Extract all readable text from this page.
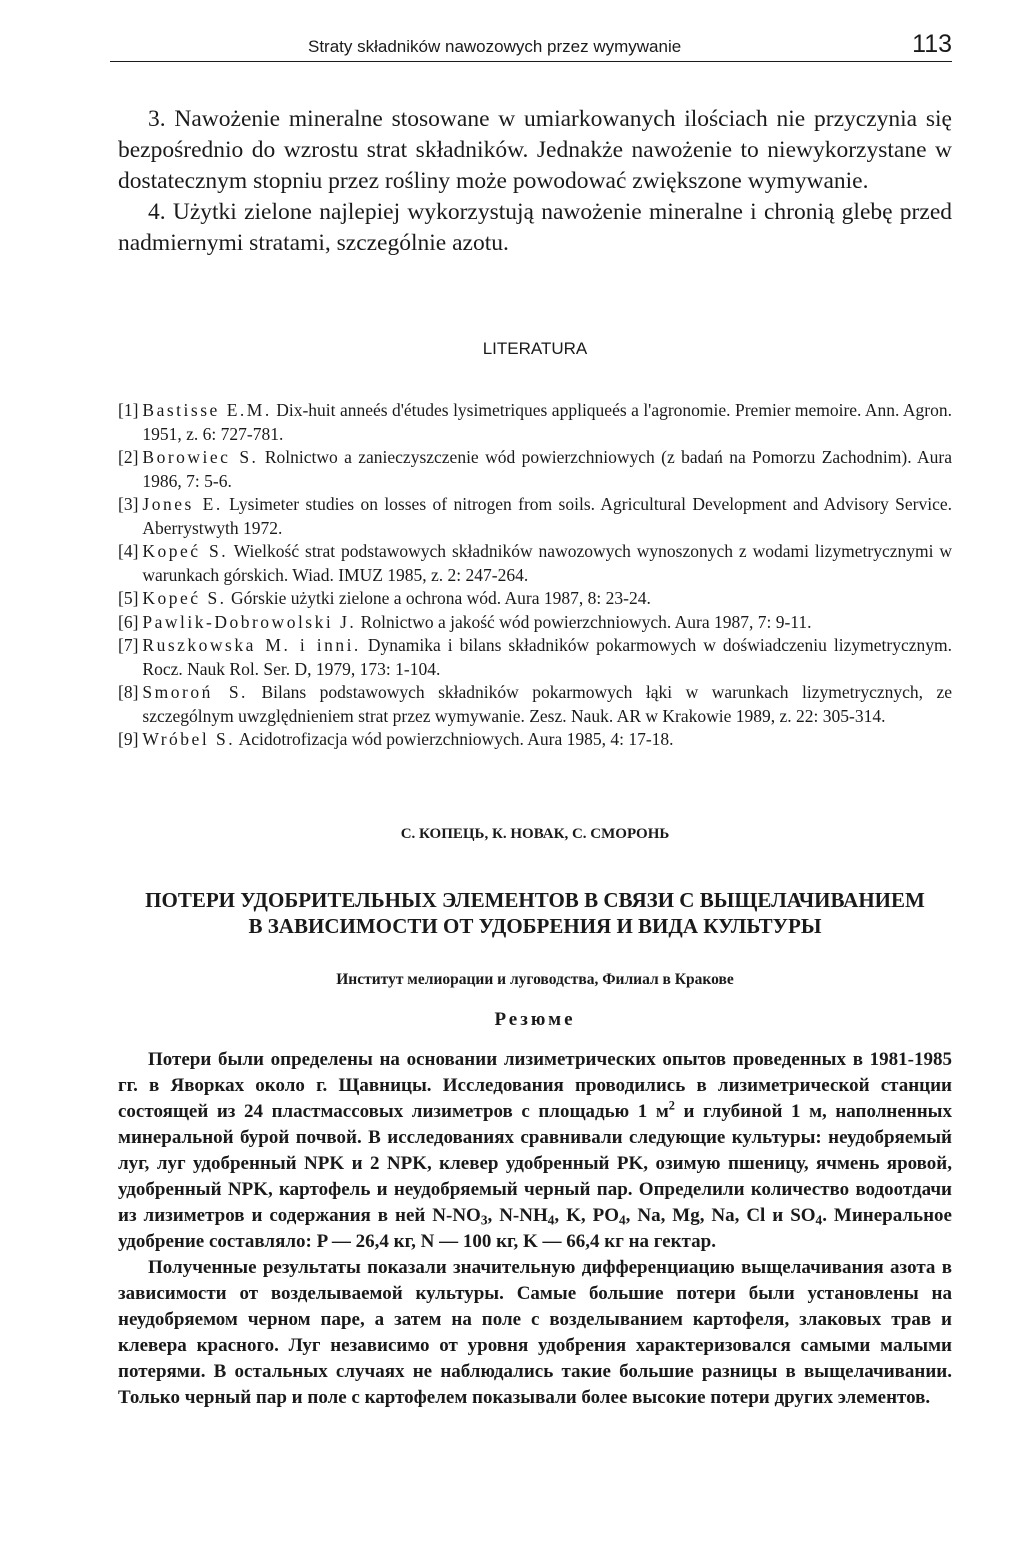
Straty składników nawozowych przez wymywanie	113

3. Nawożenie mineralne stosowane w umiarkowanych ilościach nie przyczynia się bezpośrednio do wzrostu strat składników. Jednakże nawożenie to niewykorzystane w dostatecznym stopniu przez rośliny może powodować zwiększone wymywanie.

4. Użytki zielone najlepiej wykorzystują nawożenie mineralne i chronią glebę przed nadmiernymi stratami, szczególnie azotu.

LITERATURA
[1] Bastisse E.M. Dix-huit anneés d'études lysimetriques appliqueés a l'agronomie. Premier memoire. Ann. Agron. 1951, z. 6: 727-781.
[2] Borowiec S. Rolnictwo a zanieczyszczenie wód powierzchniowych (z badań na Pomorzu Zachodnim). Aura 1986, 7: 5-6.
[3] Jones E. Lysimeter studies on losses of nitrogen from soils. Agricultural Development and Advisory Service. Aberrystwyth 1972.
[4] Kopeć S. Wielkość strat podstawowych składników nawozowych wynoszonych z wodami lizymetrycznymi w warunkach górskich. Wiad. IMUZ 1985, z. 2: 247-264.
[5] Kopeć S. Górskie użytki zielone a ochrona wód. Aura 1987, 8: 23-24.
[6] Pawlik-Dobrowolski J. Rolnictwo a jakość wód powierzchniowych. Aura 1987, 7: 9-11.
[7] Ruszkowska M. i inni. Dynamika i bilans składników pokarmowych w doświadczeniu lizymetrycznym. Rocz. Nauk Rol. Ser. D, 1979, 173: 1-104.
[8] Smoroń S. Bilans podstawowych składników pokarmowych łąki w warunkach lizymetrycznych, ze szczególnym uwzględnieniem strat przez wymywanie. Zesz. Nauk. AR w Krakowie 1989, z. 22: 305-314.
[9] Wróbel S. Acidotrofizacja wód powierzchniowych. Aura 1985, 4: 17-18.
С. КОПЕЦЬ, К. НОВАК, С. СМОРОНЬ
ПОТЕРИ УДОБРИТЕЛЬНЫХ ЭЛЕМЕНТОВ В СВЯЗИ С ВЫЩЕЛАЧИВАНИЕМ
В ЗАВИСИМОСТИ ОТ УДОБРЕНИЯ И ВИДА КУЛЬТУРЫ
Институт мелиорации и луговодства, Филиал в Кракове
Резюме

Потери были определены на основании лизиметрических опытов проведенных в 1981-1985 гг. в Яворках около г. Щавницы. Исследования проводились в лизиметрической станции состоящей из 24 пластмассовых лизиметров с площадью 1 $м^2$ и глубиной 1 м, наполненных минеральной бурой почвой. В исследованиях сравнивали следующие культуры: неудобряемый луг, луг удобренный NPK и 2 NPK, клевер удобренный PK, озимую пшеницу, ячмень яровой, удобренный NPK, картофель и неудобряемый черный пар. Определили количество водоотдачи из лизиметров и содержания в ней $N-NO_3$, $N-NH_4$, K, $PO_4$, Na, Mg, Na, Cl и $SO_4$. Минеральное удобрение составляло: P — 26,4 кг, N — 100 кг, K — 66,4 кг на гектар.

Полученные результаты показали значительную дифференциацию выщелачивания азота в зависимости от возделываемой культуры. Самые большие потери были установлены на неудобряемом черном паре, а затем на поле с возделыванием картофеля, злаковых трав и клевера красного. Луг независимо от уровня удобрения характеризовался самыми малыми потерями. В остальных случаях не наблюдались такие большие разницы в выщелачивании. Только черный пар и поле с картофелем показывали более высокие потери других элементов.
